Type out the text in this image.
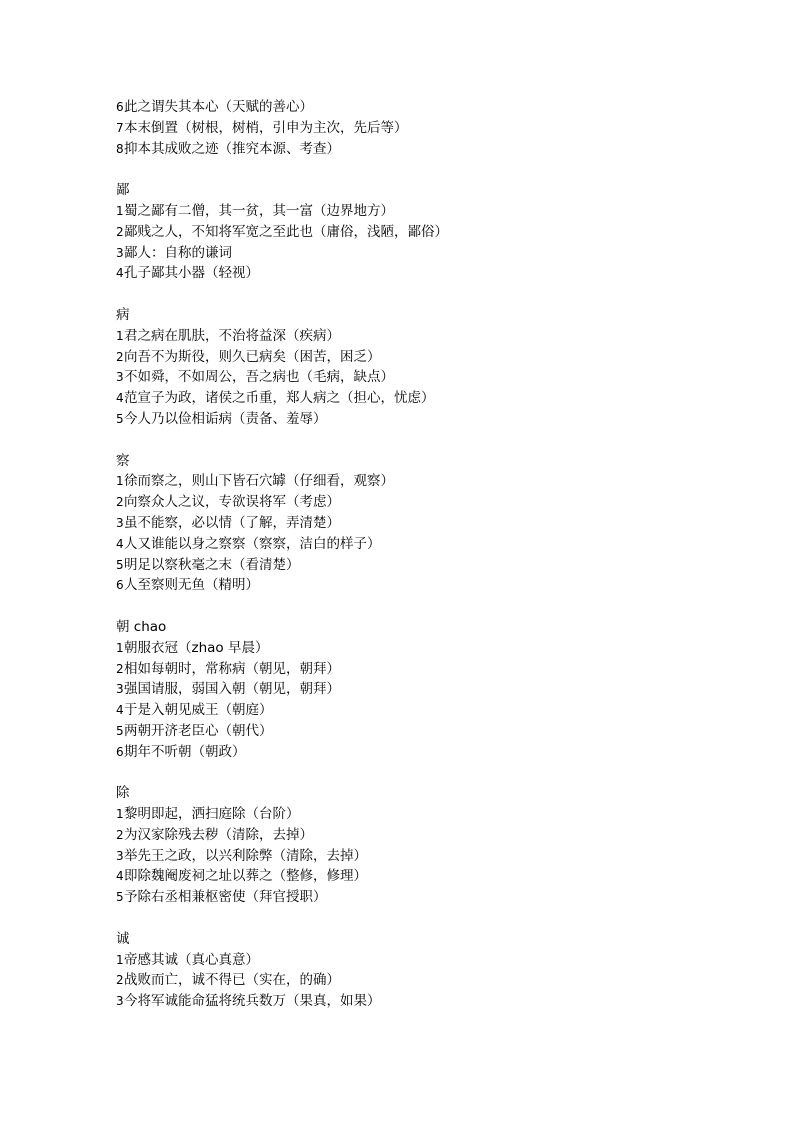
6此之谓失其本心（天赋的善心）
7本末倒置（树根，树梢，引申为主次，先后等）
8抑本其成败之迹（推究本源、考查）
鄙
1蜀之鄙有二僧，其一贫，其一富（边界地方）
2鄙贱之人，不知将军宽之至此也（庸俗，浅陋，鄙俗）
3鄙人：自称的谦词
4孔子鄙其小器（轻视）
病
1君之病在肌肤，不治将益深（疾病）
2向吾不为斯役，则久已病矣（困苦，困乏）
3不如舜，不如周公，吾之病也（毛病，缺点）
4范宣子为政，诸侯之币重，郑人病之（担心，忧虑）
5今人乃以俭相诟病（责备、羞辱）
察
1徐而察之，则山下皆石穴罅（仔细看，观察）
2向察众人之议，专欲误将军（考虑）
3虽不能察，必以情（了解，弄清楚）
4人又谁能以身之察察（察察，洁白的样子）
5明足以察秋毫之末（看清楚）
6人至察则无鱼（精明）
朝 chao
1朝服衣冠（zhao 早晨）
2相如每朝时，常称病（朝见，朝拜）
3强国请服，弱国入朝（朝见，朝拜）
4于是入朝见威王（朝庭）
5两朝开济老臣心（朝代）
6期年不听朝（朝政）
除
1黎明即起，洒扫庭除（台阶）
2为汉家除残去秽（清除，去掉）
3举先王之政，以兴利除弊（清除，去掉）
4即除魏阉废祠之址以葬之（整修，修理）
5予除右丞相兼枢密使（拜官授职）
诚
1帝感其诚（真心真意）
2战败而亡，诚不得已（实在，的确）
3今将军诚能命猛将统兵数万（果真，如果）
